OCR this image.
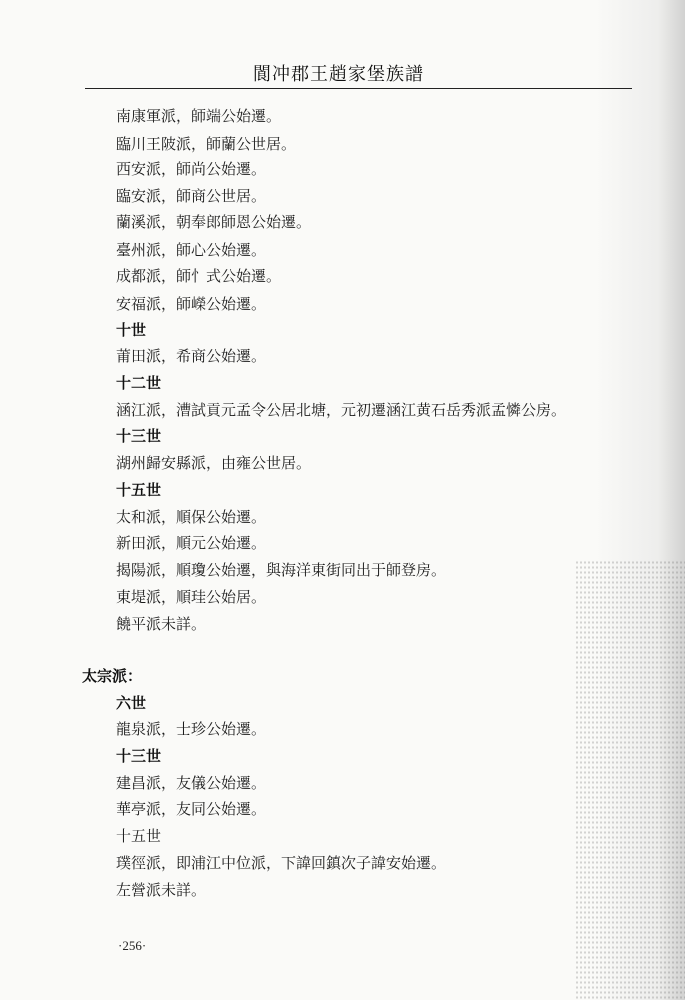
閬冲郡王趙家堡族譜
南康軍派，師端公始遷。
臨川王陂派，師蘭公世居。
西安派，師尚公始遷。
臨安派，師商公世居。
蘭溪派，朝奉郎師恩公始遷。
臺州派，師心公始遷。
成都派，師忄式公始遷。
安福派，師嶸公始遷。
十世
莆田派，希商公始遷。
十二世
涵江派，漕試貢元孟令公居北塘，元初遷涵江黄石岳秀派孟憐公房。
十三世
湖州歸安縣派，由雍公世居。
十五世
太和派，順保公始遷。
新田派，順元公始遷。
揭陽派，順瓊公始遷，與海洋東街同出于師登房。
東堤派，順珪公始居。
饒平派未詳。
太宗派：
六世
龍泉派，士珍公始遷。
十三世
建昌派，友儀公始遷。
華亭派，友同公始遷。
十五世
璞徑派，即浦江中位派，下諱回鎮次子諱安始遷。
左營派未詳。
·256·
